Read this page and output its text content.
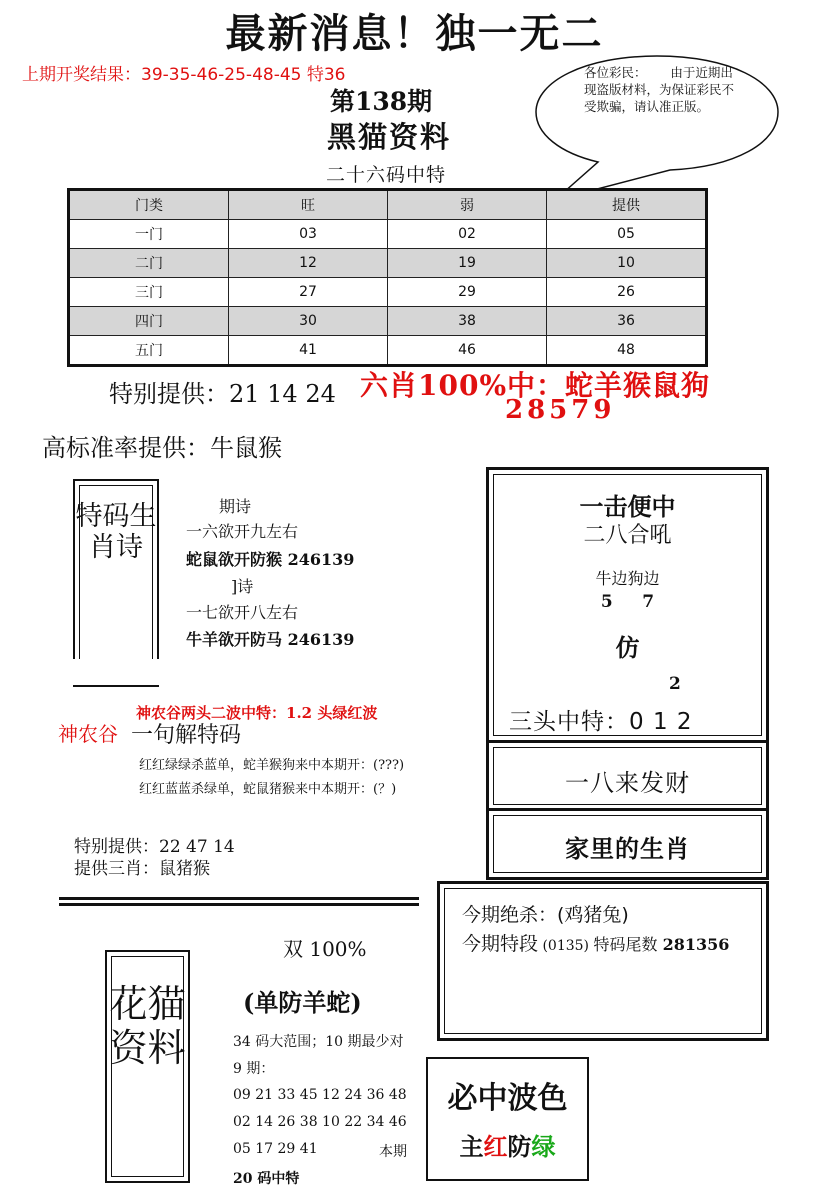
最新消息！独一无二
上期开奖结果：39-35-46-25-48-45 特36
第138期
黑猫资料
二十六码中特
各位彩民：      由于近期出现盗版材料，为保证彩民不受欺骗，请认准正版。
门类	旺	弱	提供
一门	03	02	05
二门	12	19	10
三门	27	29	26
四门	30	38	36
五门	41	46	48
特别提供：21 14 24 六肖100%中：蛇羊猴鼠狗
28579
高标准率提供：牛鼠猴
特码生肖诗
期诗
一六欲开九左右
蛇鼠欲开防猴 246139
]诗
一七欲开八左右
牛羊欲开防马 246139
一击便中
二八合吼
牛边狗边
5     7
仿
2
三头中特：0 1 2
一八来发财
家里的生肖
今期绝杀：(鸡猪兔)
今期特段 (0135) 特码尾数 281356
神农谷两头二波中特：1.2 头绿红波
神农谷 一句解特码
红红绿绿杀蓝单，蛇羊猴狗来中本期开：(???)
红红蓝蓝杀绿单，蛇鼠猪猴来中本期开：(？)
特别提供：22 47 14
提供三肖：鼠猪猴
花猫资料
双 100%
(单防羊蛇)
34 码大范围；10 期最少对
9 期：
09 21 33 45 12 24 36 48
02 14 26 38 10 22 34 46
05 17 29 41	本期
20 码中特
必中波色
主红防绿
